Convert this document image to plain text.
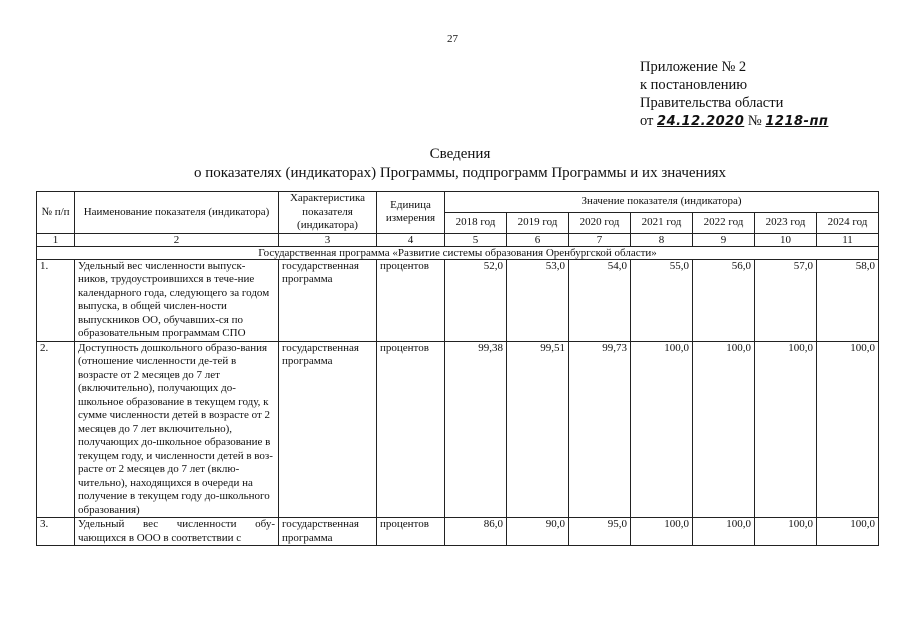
27
Приложение № 2
к постановлению
Правительства области
от 24.12.2020 № 1218-пп
Сведения
о показателях (индикаторах) Программы, подпрограмм Программы и их значениях
№ п/п	Наименование показателя (индикатора)	Характеристика показателя (индикатора)	Единица измерения	Значение показателя (индикатора)						
				2018 год	2019 год	2020 год	2021 год	2022 год	2023 год	2024 год
1	2	3	4	5	6	7	8	9	10	11
Государственная программа «Развитие системы образования Оренбургской области»										
1.	Удельный вес численности выпуск-ников, трудоустроившихся в тече-ние календарного года, следующего за годом выпуска, в общей числен-ности выпускников ОО, обучавших-ся по образовательным программам СПО	государственная программа	процентов	52,0	53,0	54,0	55,0	56,0	57,0	58,0
2.	Доступность дошкольного образо-вания (отношение численности де-тей в возрасте от 2 месяцев до 7 лет (включительно), получающих до-школьное образование в текущем году, к сумме численности детей в возрасте от 2 месяцев до 7 лет включительно), получающих до-школьное образование в текущем году, и численности детей в воз-расте от 2 месяцев до 7 лет (вклю-чительно), находящихся в очереди на получение в текущем году до-школьного образования)	государственная программа	процентов	99,38	99,51	99,73	100,0	100,0	100,0	100,0
3.	Удельный вес численности обу-чающихся в ООО в соответствии с	государственная программа	процентов	86,0	90,0	95,0	100,0	100,0	100,0	100,0
